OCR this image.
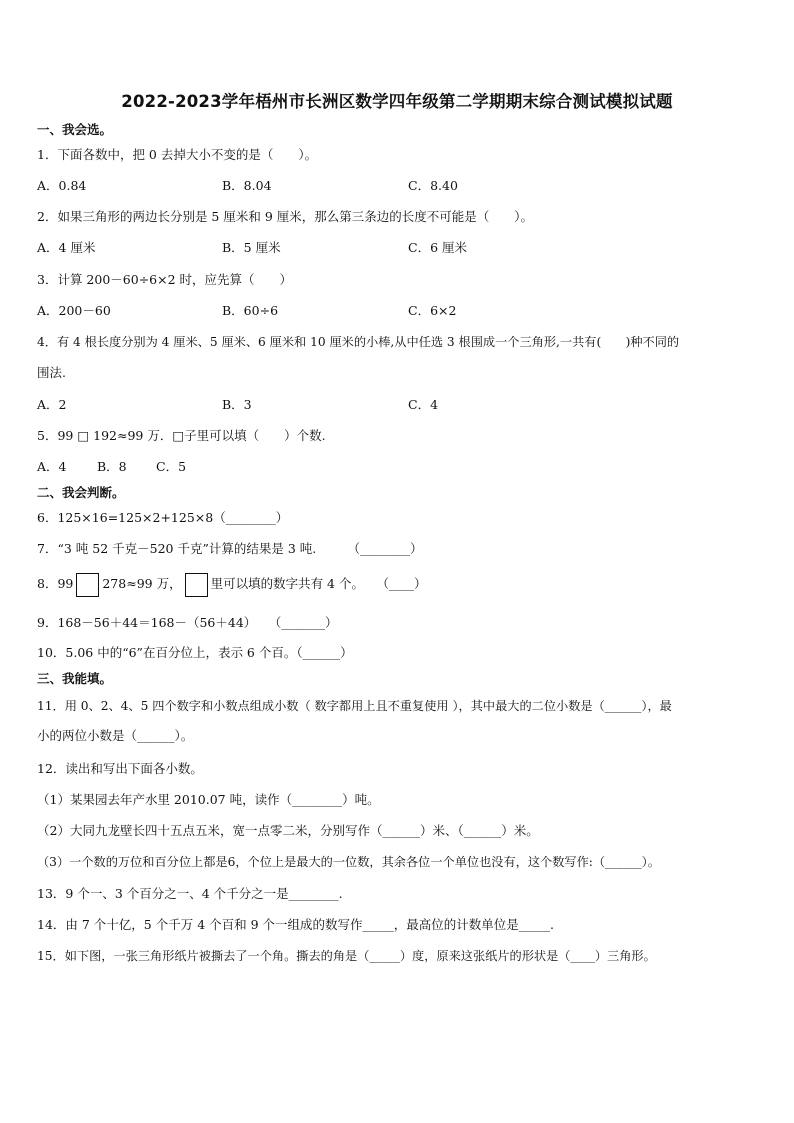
2022-2023学年梧州市长洲区数学四年级第二学期期末综合测试模拟试题
一、我会选。
1．下面各数中，把 0 去掉大小不变的是（　　）。
A．0.84	B．8.04	C．8.40
2．如果三角形的两边长分别是 5 厘米和 9 厘米，那么第三条边的长度不可能是（　　）。
A．4 厘米	B．5 厘米	C．6 厘米
3．计算 200－60÷6×2 时，应先算（　　）
A．200－60	B．60÷6	C．6×2
4．有 4 根长度分别为 4 厘米、5 厘米、6 厘米和 10 厘米的小棒,从中任选 3 根围成一个三角形,一共有(　　)种不同的
围法.
A．2	B．3	C．4
5．99 □ 192≈99 万．□子里可以填（　　）个数.
A．4 B．8 C．5
二、我会判断。
6．125×16=125×2+125×8（________）
7．“3 吨 52 千克－520 千克”计算的结果是 3 吨.　　　（________）
8．99 278≈99 万， 里可以填的数字共有 4 个。　　（____）
9．168－56＋44＝168－（56＋44）　　（_______）
10．5.06 中的“6”在百分位上，表示 6 个百。（______）
三、我能填。
11．用 0、2、4、5 四个数字和小数点组成小数（ 数字都用上且不重复使用 ），其中最大的二位小数是（______），最
小的两位小数是（______）。
12．读出和写出下面各小数。
（1）某果园去年产水里 2010.07 吨，读作（________）吨。
（2）大同九龙壁长四十五点五米，宽一点零二米，分别写作（______）米、（______）米。
（3）一个数的万位和百分位上都是6，个位上是最大的一位数，其余各位一个单位也没有，这个数写作:（______）。
13．9 个一、3 个百分之一、4 个千分之一是________.
14．由 7 个十亿，5 个千万 4 个百和 9 个一组成的数写作_____，最高位的计数单位是_____.
15．如下图，一张三角形纸片被撕去了一个角。撕去的角是（_____）度，原来这张纸片的形状是（____）三角形。
